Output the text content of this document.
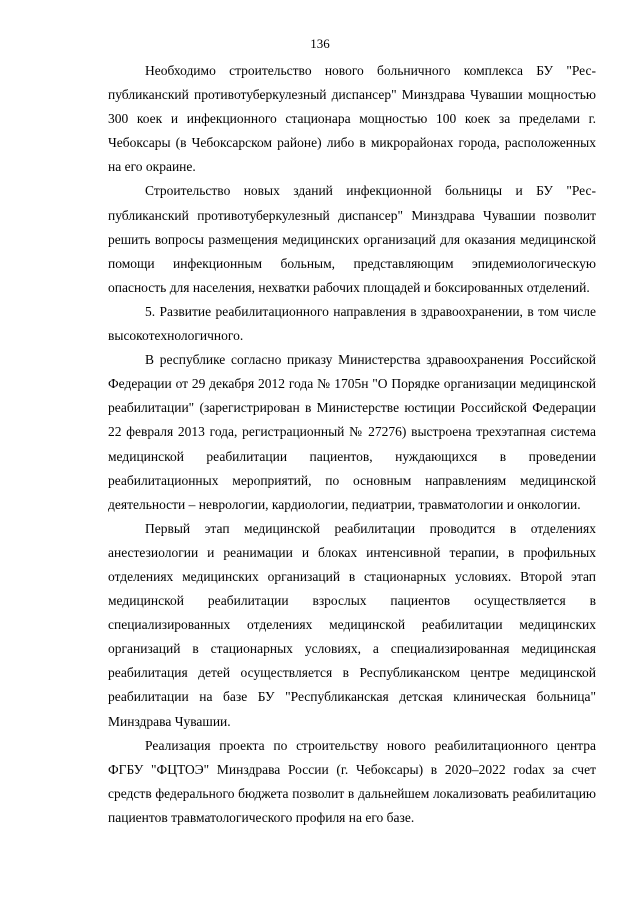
136

Необходимо строительство нового больничного комплекса БУ "Республиканский противотуберкулезный диспансер" Минздрава Чувашии мощностью 300 коек и инфекционного стационара мощностью 100 коек за пределами г. Чебоксары (в Чебоксарском районе) либо в микрорайонах города, расположенных на его окраине.

Строительство новых зданий инфекционной больницы и БУ "Республиканский противотуберкулезный диспансер" Минздрава Чувашии позволит решить вопросы размещения медицинских организаций для оказания медицинской помощи инфекционным больным, представляющим эпидемиологическую опасность для населения, нехватки рабочих площадей и боксированных отделений.

5. Развитие реабилитационного направления в здравоохранении, в том числе высокотехнологичного.

В республике согласно приказу Министерства здравоохранения Российской Федерации от 29 декабря 2012 года № 1705н "О Порядке организации медицинской реабилитации" (зарегистрирован в Министерстве юстиции Российской Федерации 22 февраля 2013 года, регистрационный № 27276) выстроена трехэтапная система медицинской реабилитации пациентов, нуждающихся в проведении реабилитационных мероприятий, по основным направлениям медицинской деятельности – неврологии, кардиологии, педиатрии, травматологии и онкологии.

Первый этап медицинской реабилитации проводится в отделениях анестезиологии и реанимации и блоках интенсивной терапии, в профильных отделениях медицинских организаций в стационарных условиях. Второй этап медицинской реабилитации взрослых пациентов осуществляется в специализированных отделениях медицинской реабилитации медицинских организаций в стационарных условиях, а специализированная медицинская реабилитация детей осуществляется в Республиканском центре медицинской реабилитации на базе БУ "Республиканская детская клиническая больница" Минздрава Чувашии.

Реализация проекта по строительству нового реабилитационного центра ФГБУ "ФЦТОЭ" Минздрава России (г. Чебоксары) в 2020–2022 гоdах за счет средств федерального бюджета позволит в дальнейшем локализовать реабилитацию пациентов травматологического профиля на его базе.
